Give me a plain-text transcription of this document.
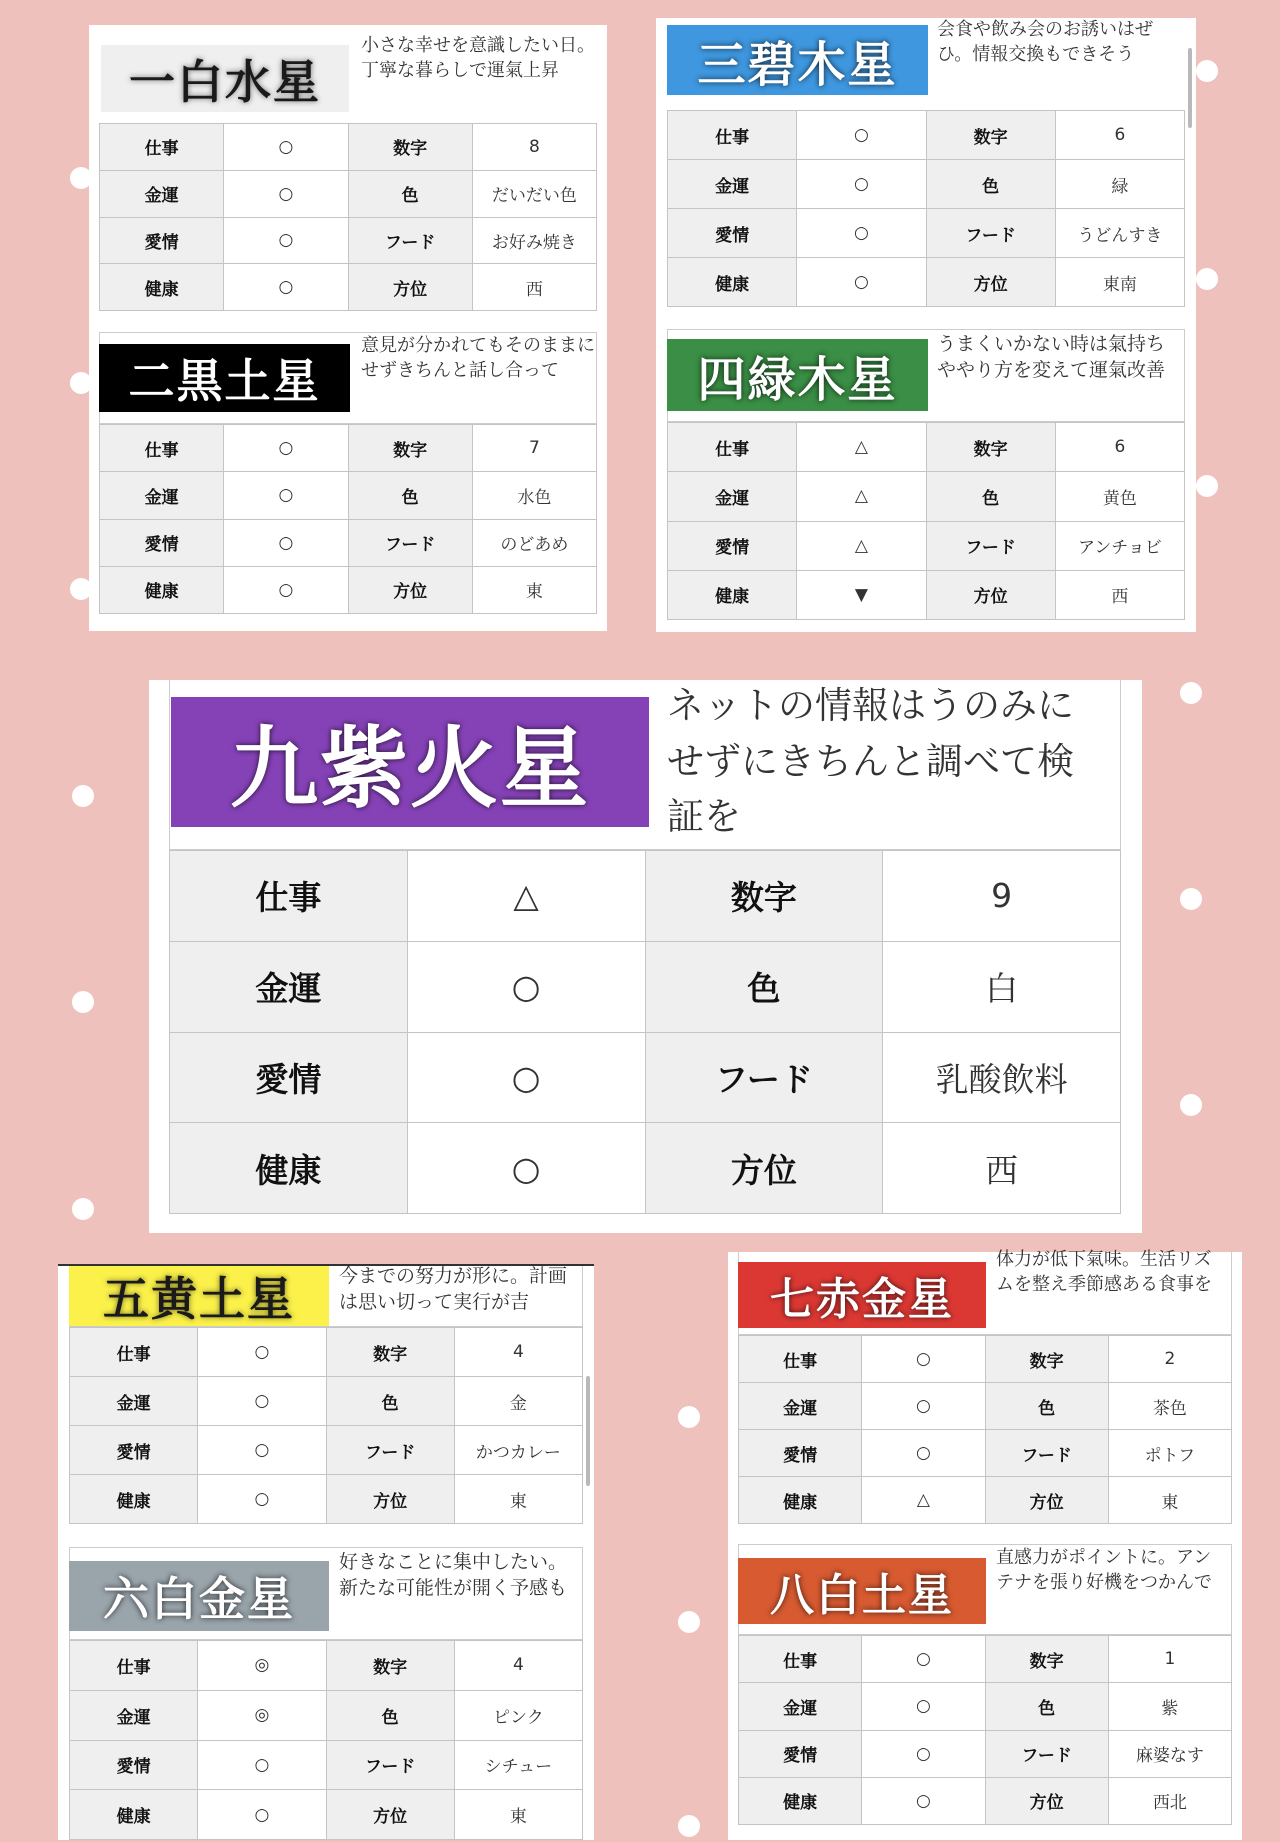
一白水星
小さな幸せを意識したい日。丁寧な暮らしで運氣上昇
仕事	○	数字	8
金運	○	色	だいだい色
愛情	○	フード	お好み焼き
健康	○	方位	西
二黒土星
意見が分かれてもそのままにせずきちんと話し合って
仕事	○	数字	7
金運	○	色	水色
愛情	○	フード	のどあめ
健康	○	方位	東
三碧木星
会食や飲み会のお誘いはぜひ。情報交換もできそう
仕事	○	数字	6
金運	○	色	緑
愛情	○	フード	うどんすき
健康	○	方位	東南
四緑木星
うまくいかない時は氣持ちややり方を変えて運氣改善
仕事	△	数字	6
金運	△	色	黄色
愛情	△	フード	アンチョビ
健康	▼	方位	西
九紫火星
ネットの情報はうのみにせずにきちんと調べて検証を
仕事	△	数字	9
金運	○	色	白
愛情	○	フード	乳酸飲料
健康	○	方位	西
五黄土星	今までの努力が形に。計画は思い切って実行が吉
仕事	○	数字	4
金運	○	色	金
愛情	○	フード	かつカレー
健康	○	方位	東
六白金星
好きなことに集中したい。新たな可能性が開く予感も
仕事	◎	数字	4
金運	◎	色	ピンク
愛情	○	フード	シチュー
健康	○	方位	東
七赤金星
体力が低下氣味。生活リズムを整え季節感ある食事を
仕事	○	数字	2
金運	○	色	茶色
愛情	○	フード	ポトフ
健康	△	方位	東
八白土星
直感力がポイントに。アンテナを張り好機をつかんで
仕事	○	数字	1
金運	○	色	紫
愛情	○	フード	麻婆なす
健康	○	方位	西北
